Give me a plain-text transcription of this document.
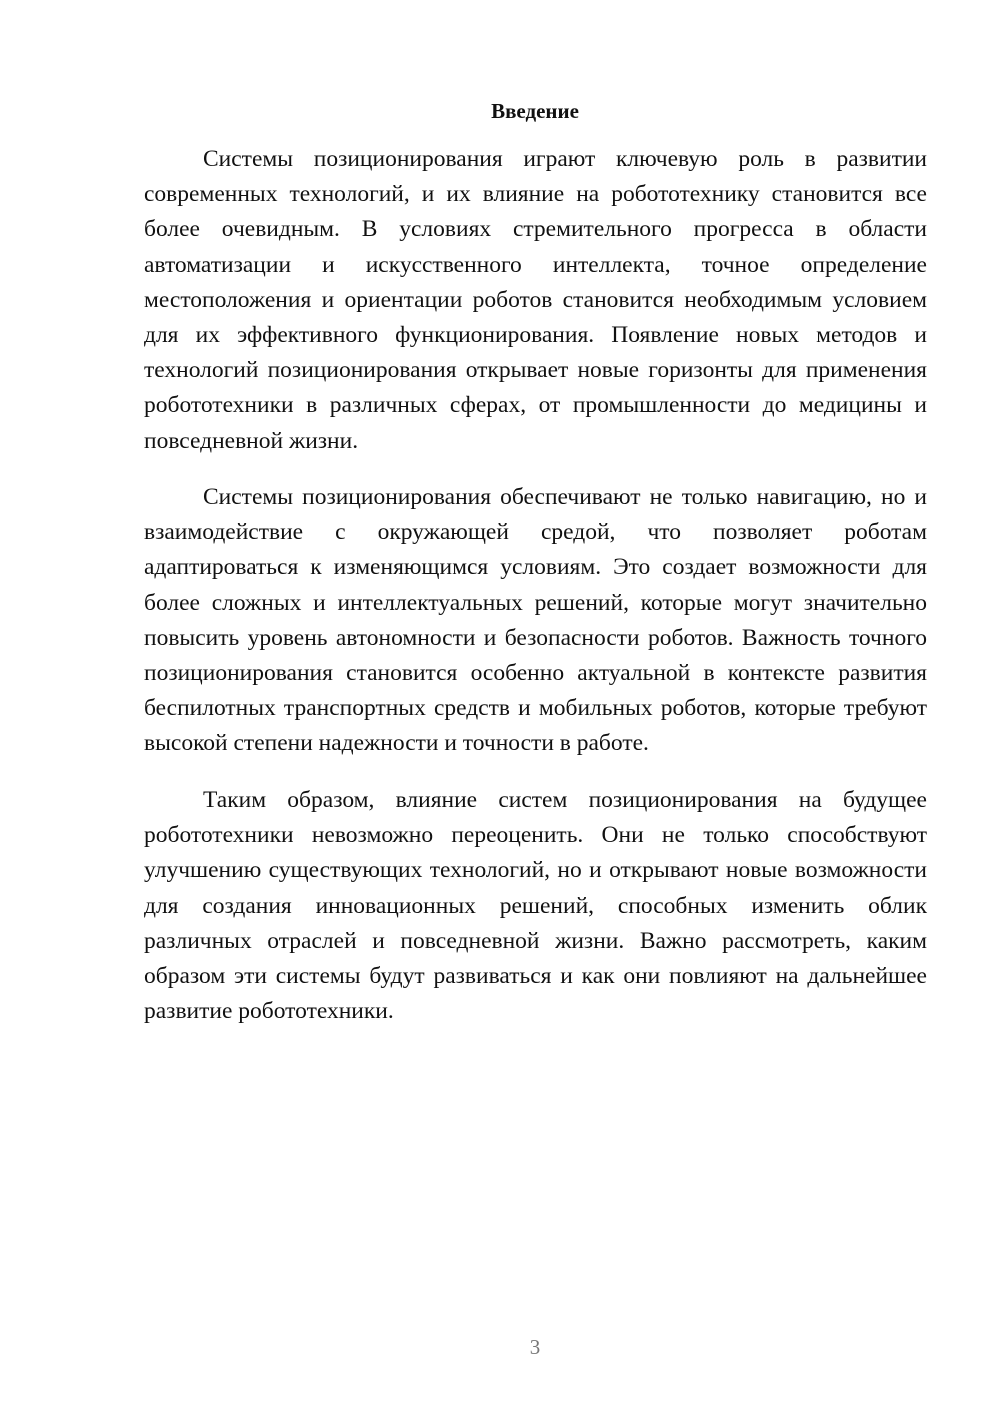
Введение

Системы позиционирования играют ключевую роль в развитии современных технологий, и их влияние на робототехнику становится все более очевидным. В условиях стремительного прогресса в области автоматизации и искусственного интеллекта, точное определение местоположения и ориентации роботов становится необходимым условием для их эффективного функционирования. Появление новых методов и технологий позиционирования открывает новые горизонты для применения робототехники в различных сферах, от промышленности до медицины и повседневной жизни.

Системы позиционирования обеспечивают не только навигацию, но и взаимодействие с окружающей средой, что позволяет роботам адаптироваться к изменяющимся условиям. Это создает возможности для более сложных и интеллектуальных решений, которые могут значительно повысить уровень автономности и безопасности роботов. Важность точного позиционирования становится особенно актуальной в контексте развития беспилотных транспортных средств и мобильных роботов, которые требуют высокой степени надежности и точности в работе.

Таким образом, влияние систем позиционирования на будущее робототехники невозможно переоценить. Они не только способствуют улучшению существующих технологий, но и открывают новые возможности для создания инновационных решений, способных изменить облик различных отраслей и повседневной жизни. Важно рассмотреть, каким образом эти системы будут развиваться и как они повлияют на дальнейшее развитие робототехники.

3
